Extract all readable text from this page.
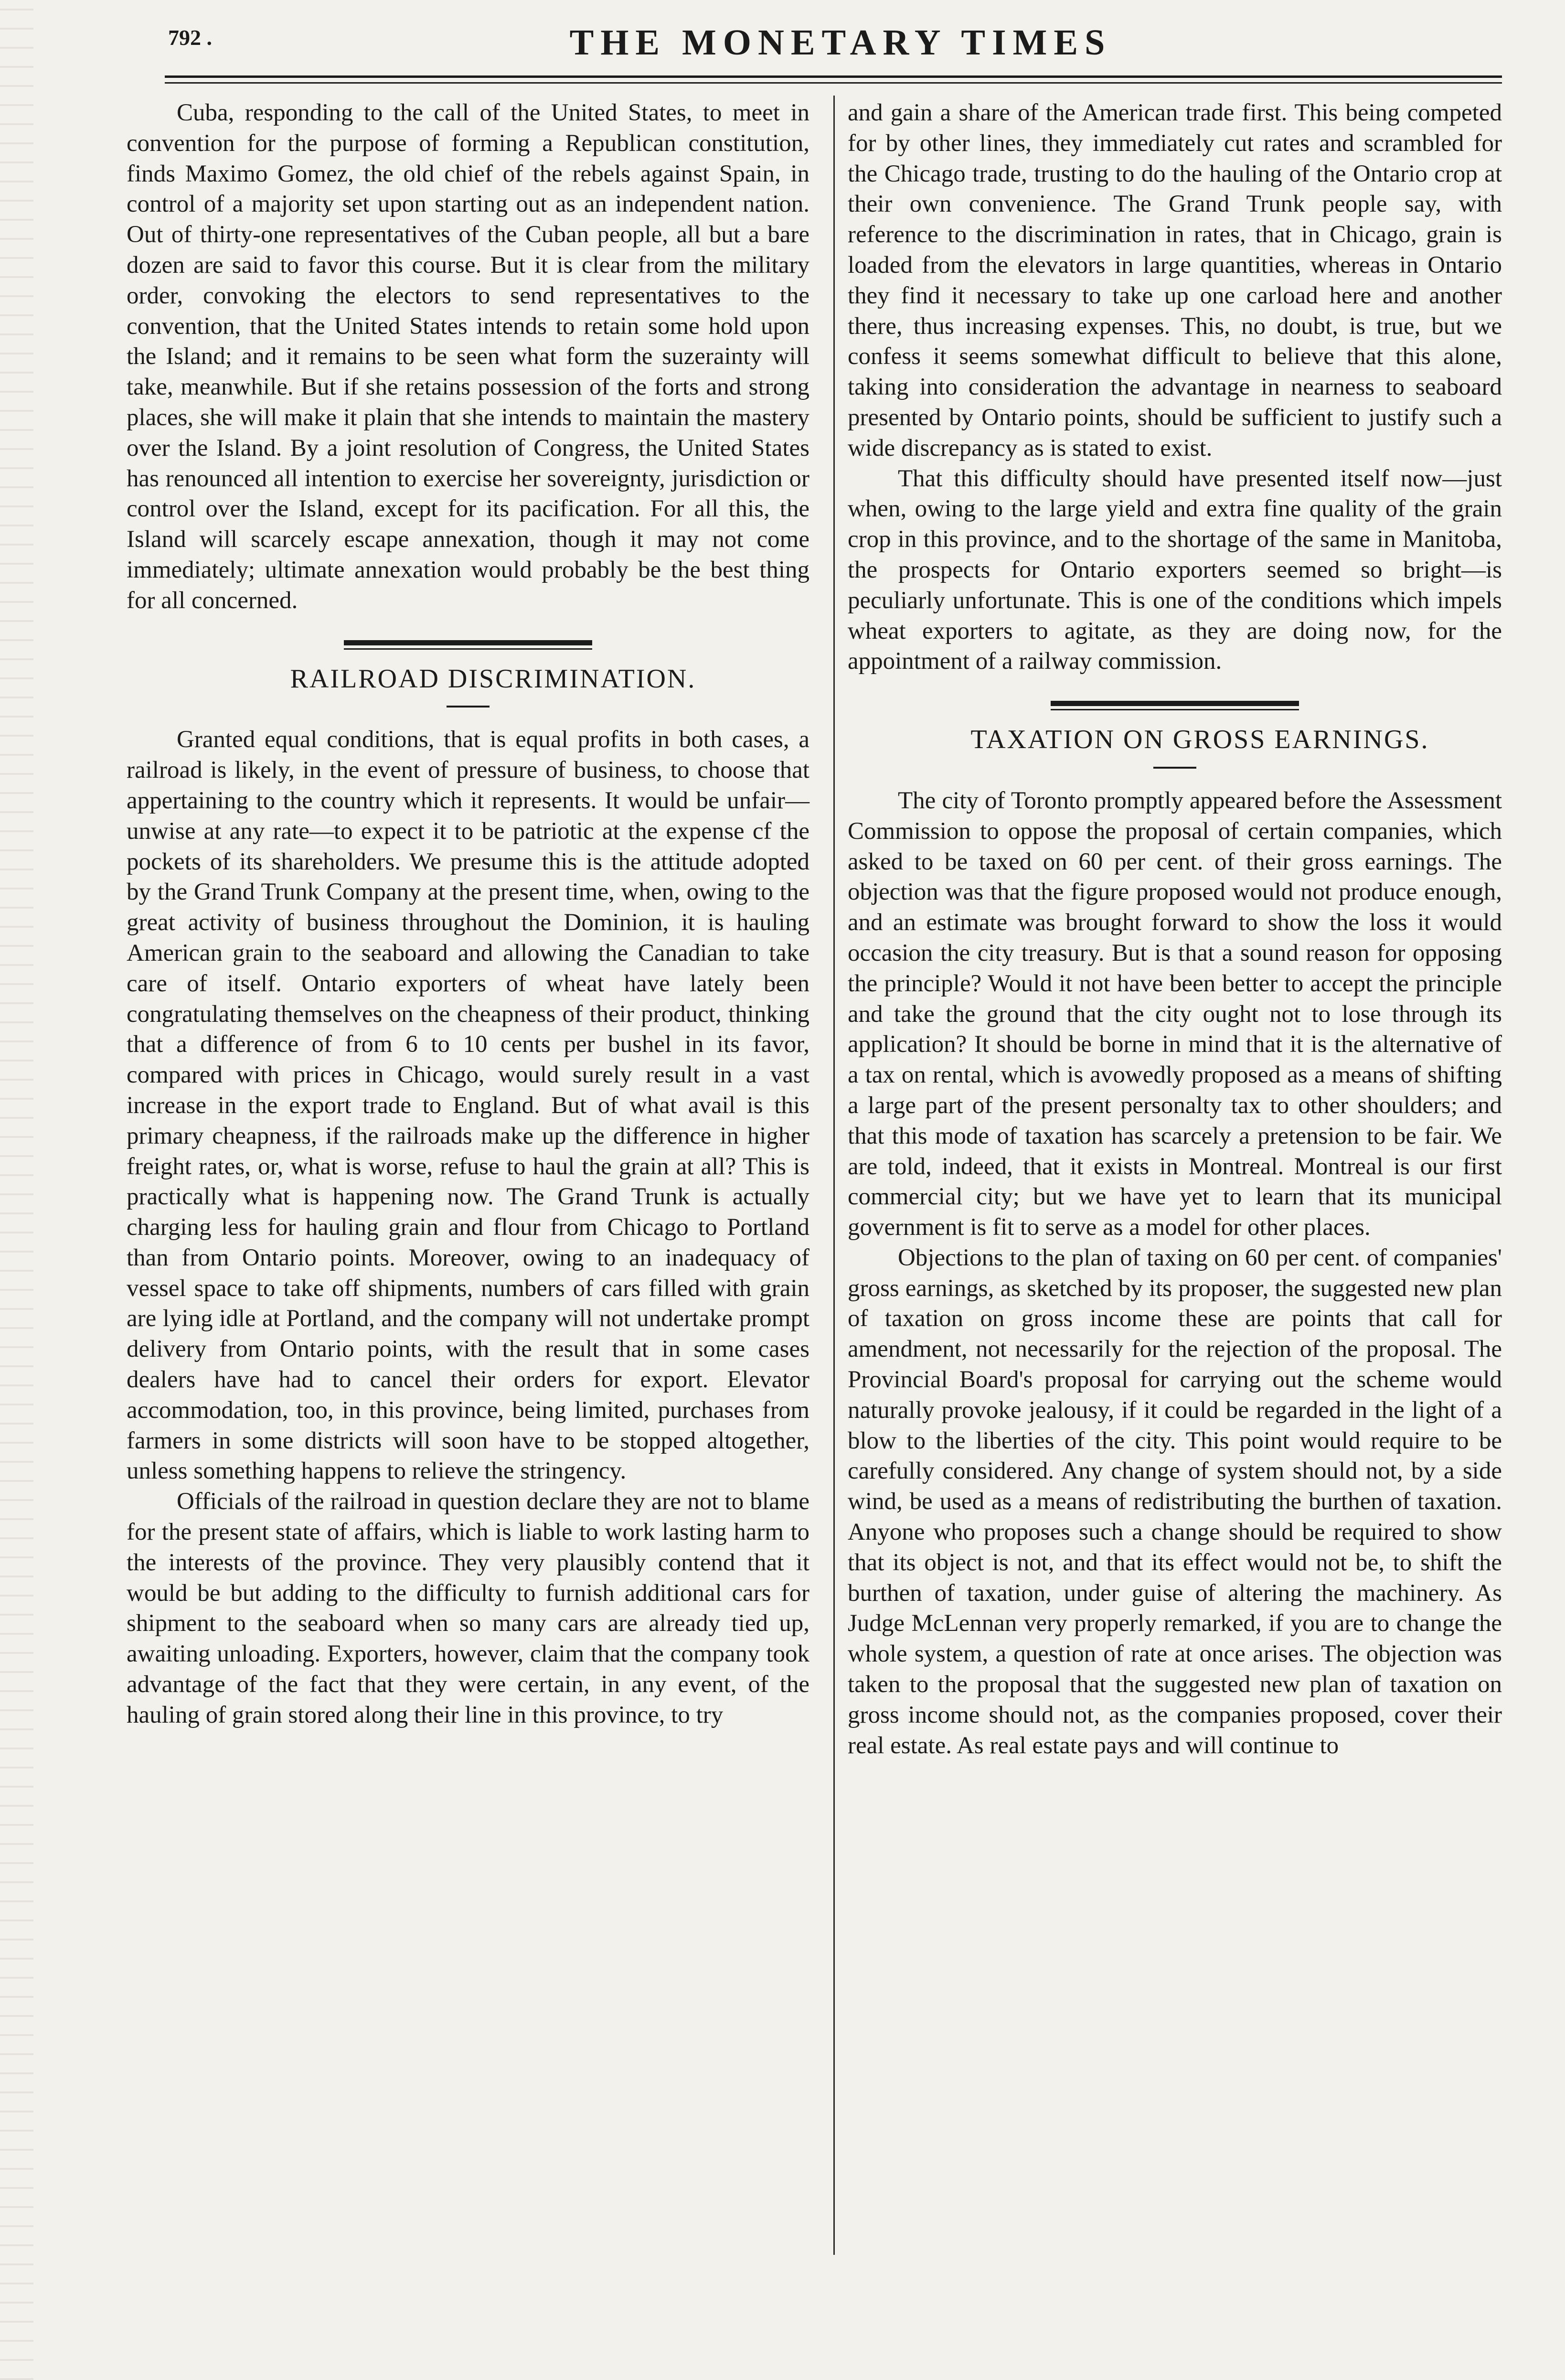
792 .	THE MONETARY TIMES

Cuba, responding to the call of the United States, to meet in convention for the purpose of forming a Republican constitution, finds Maximo Gomez, the old chief of the rebels against Spain, in control of a majority set upon starting out as an independent nation. Out of thirty-one representatives of the Cuban people, all but a bare dozen are said to favor this course. But it is clear from the military order, convoking the electors to send representatives to the convention, that the United States intends to retain some hold upon the Island; and it remains to be seen what form the suzerainty will take, meanwhile. But if she retains possession of the forts and strong places, she will make it plain that she intends to maintain the mastery over the Island. By a joint resolution of Congress, the United States has renounced all intention to exercise her sovereignty, jurisdiction or control over the Island, except for its pacification. For all this, the Island will scarcely escape annexation, though it may not come immediately; ultimate annexation would probably be the best thing for all concerned.

RAILROAD DISCRIMINATION.

Granted equal conditions, that is equal profits in both cases, a railroad is likely, in the event of pressure of business, to choose that appertaining to the country which it represents. It would be unfair—unwise at any rate—to expect it to be patriotic at the expense cf the pockets of its shareholders. We presume this is the attitude adopted by the Grand Trunk Company at the present time, when, owing to the great activity of business throughout the Dominion, it is hauling American grain to the seaboard and allowing the Canadian to take care of itself. Ontario exporters of wheat have lately been congratulating themselves on the cheapness of their product, thinking that a difference of from 6 to 10 cents per bushel in its favor, compared with prices in Chicago, would surely result in a vast increase in the export trade to England. But of what avail is this primary cheapness, if the railroads make up the difference in higher freight rates, or, what is worse, refuse to haul the grain at all? This is practically what is happening now. The Grand Trunk is actually charging less for hauling grain and flour from Chicago to Portland than from Ontario points. Moreover, owing to an inadequacy of vessel space to take off shipments, numbers of cars filled with grain are lying idle at Portland, and the company will not undertake prompt delivery from Ontario points, with the result that in some cases dealers have had to cancel their orders for export. Elevator accommodation, too, in this province, being limited, purchases from farmers in some districts will soon have to be stopped altogether, unless something happens to relieve the stringency.

Officials of the railroad in question declare they are not to blame for the present state of affairs, which is liable to work lasting harm to the interests of the province. They very plausibly contend that it would be but adding to the difficulty to furnish additional cars for shipment to the seaboard when so many cars are already tied up, awaiting unloading. Exporters, however, claim that the company took advantage of the fact that they were certain, in any event, of the hauling of grain stored along their line in this province, to try

and gain a share of the American trade first. This being competed for by other lines, they immediately cut rates and scrambled for the Chicago trade, trusting to do the hauling of the Ontario crop at their own convenience. The Grand Trunk people say, with reference to the discrimination in rates, that in Chicago, grain is loaded from the elevators in large quantities, whereas in Ontario they find it necessary to take up one carload here and another there, thus increasing expenses. This, no doubt, is true, but we confess it seems somewhat difficult to believe that this alone, taking into consideration the advantage in nearness to seaboard presented by Ontario points, should be sufficient to justify such a wide discrepancy as is stated to exist.

That this difficulty should have presented itself now—just when, owing to the large yield and extra fine quality of the grain crop in this province, and to the shortage of the same in Manitoba, the prospects for Ontario exporters seemed so bright—is peculiarly unfortunate. This is one of the conditions which impels wheat exporters to agitate, as they are doing now, for the appointment of a railway commission.

TAXATION ON GROSS EARNINGS.

The city of Toronto promptly appeared before the Assessment Commission to oppose the proposal of certain companies, which asked to be taxed on 60 per cent. of their gross earnings. The objection was that the figure proposed would not produce enough, and an estimate was brought forward to show the loss it would occasion the city treasury. But is that a sound reason for opposing the principle? Would it not have been better to accept the principle and take the ground that the city ought not to lose through its application? It should be borne in mind that it is the alternative of a tax on rental, which is avowedly proposed as a means of shifting a large part of the present personalty tax to other shoulders; and that this mode of taxation has scarcely a pretension to be fair. We are told, indeed, that it exists in Montreal. Montreal is our first commercial city; but we have yet to learn that its municipal government is fit to serve as a model for other places.

Objections to the plan of taxing on 60 per cent. of companies' gross earnings, as sketched by its proposer, the suggested new plan of taxation on gross income these are points that call for amendment, not necessarily for the rejection of the proposal. The Provincial Board's proposal for carrying out the scheme would naturally provoke jealousy, if it could be regarded in the light of a blow to the liberties of the city. This point would require to be carefully considered. Any change of system should not, by a side wind, be used as a means of redistributing the burthen of taxation. Anyone who proposes such a change should be required to show that its object is not, and that its effect would not be, to shift the burthen of taxation, under guise of altering the machinery. As Judge McLennan very properly remarked, if you are to change the whole system, a question of rate at once arises. The objection was taken to the proposal that the suggested new plan of taxation on gross income should not, as the companies proposed, cover their real estate. As real estate pays and will continue to
